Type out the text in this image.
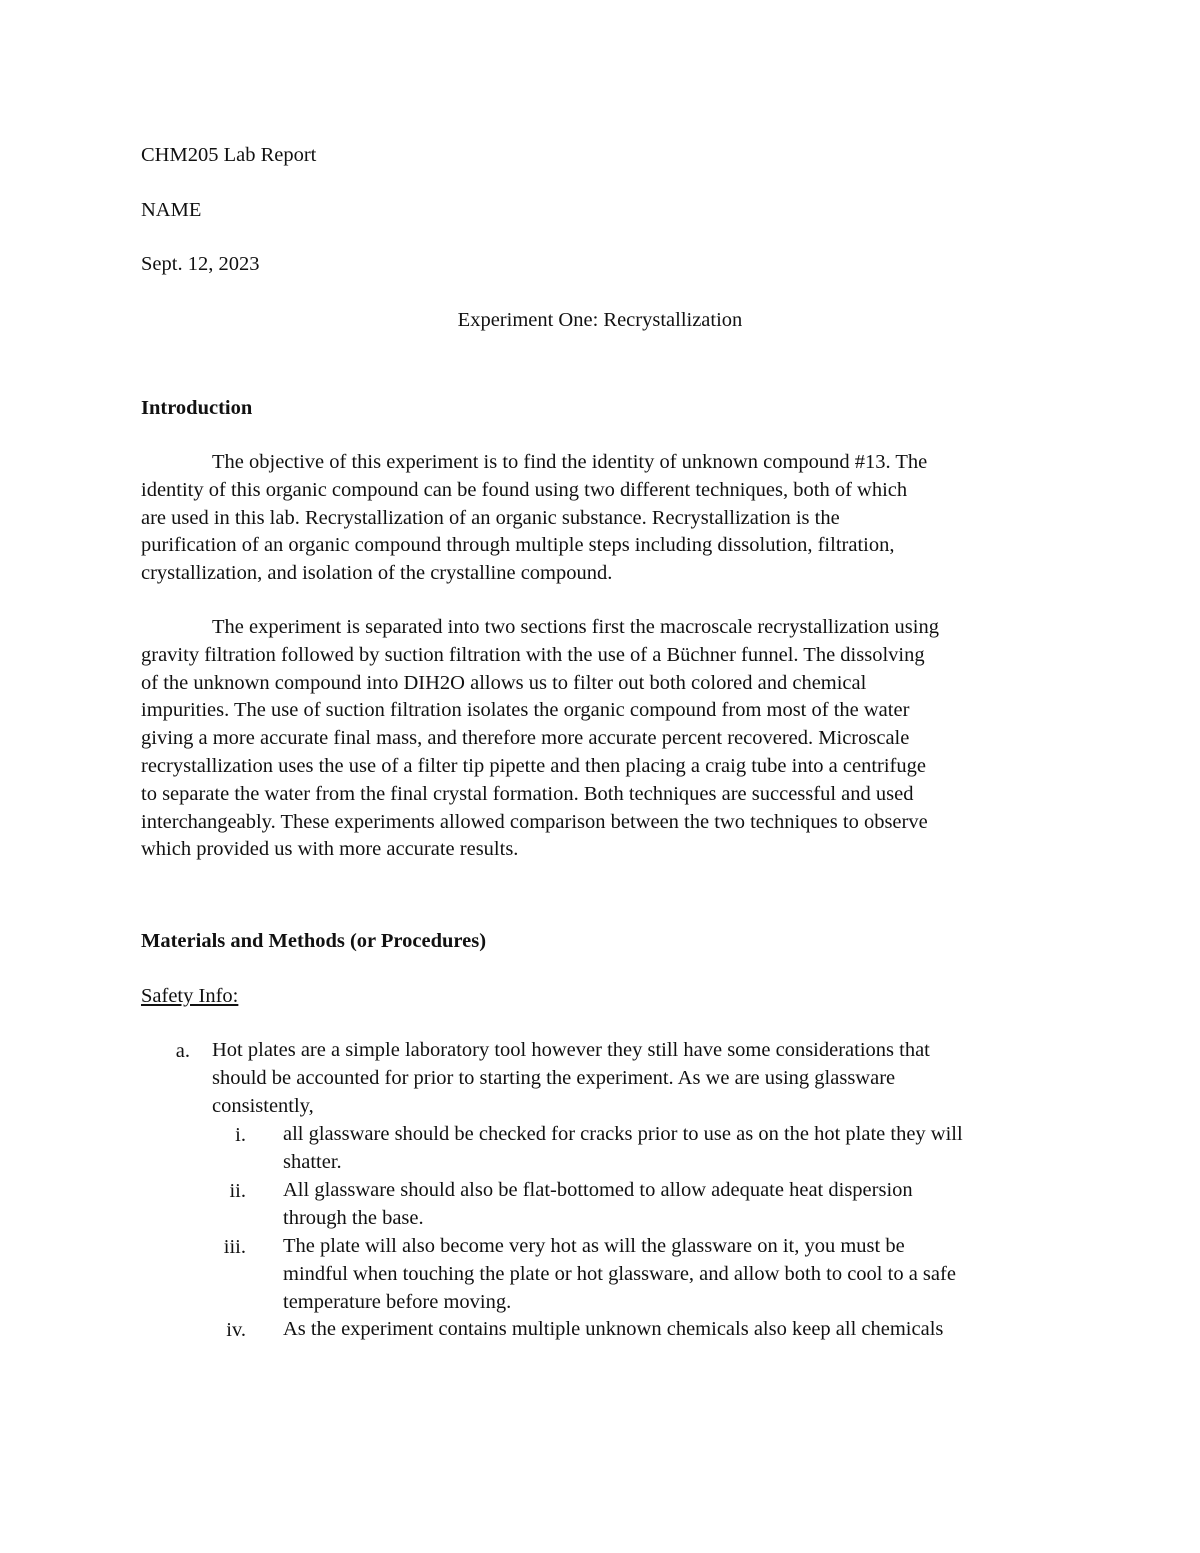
CHM205 Lab Report
NAME
Sept. 12, 2023
Experiment One: Recrystallization
Introduction
The objective of this experiment is to find the identity of unknown compound #13. The
identity of this organic compound can be found using two different techniques, both of which
are used in this lab. Recrystallization of an organic substance. Recrystallization is the
purification of an organic compound through multiple steps including dissolution, filtration,
crystallization, and isolation of the crystalline compound.
The experiment is separated into two sections first the macroscale recrystallization using
gravity filtration followed by suction filtration with the use of a Büchner funnel. The dissolving
of the unknown compound into DIH2O allows us to filter out both colored and chemical
impurities. The use of suction filtration isolates the organic compound from most of the water
giving a more accurate final mass, and therefore more accurate percent recovered. Microscale
recrystallization uses the use of a filter tip pipette and then placing a craig tube into a centrifuge
to separate the water from the final crystal formation. Both techniques are successful and used
interchangeably. These experiments allowed comparison between the two techniques to observe
which provided us with more accurate results.
Materials and Methods (or Procedures)
Safety Info:
a. Hot plates are a simple laboratory tool however they still have some considerations that
should be accounted for prior to starting the experiment. As we are using glassware
consistently,
i. all glassware should be checked for cracks prior to use as on the hot plate they will
shatter.
ii. All glassware should also be flat-bottomed to allow adequate heat dispersion
through the base.
iii. The plate will also become very hot as will the glassware on it, you must be
mindful when touching the plate or hot glassware, and allow both to cool to a safe
temperature before moving.
iv. As the experiment contains multiple unknown chemicals also keep all chemicals
